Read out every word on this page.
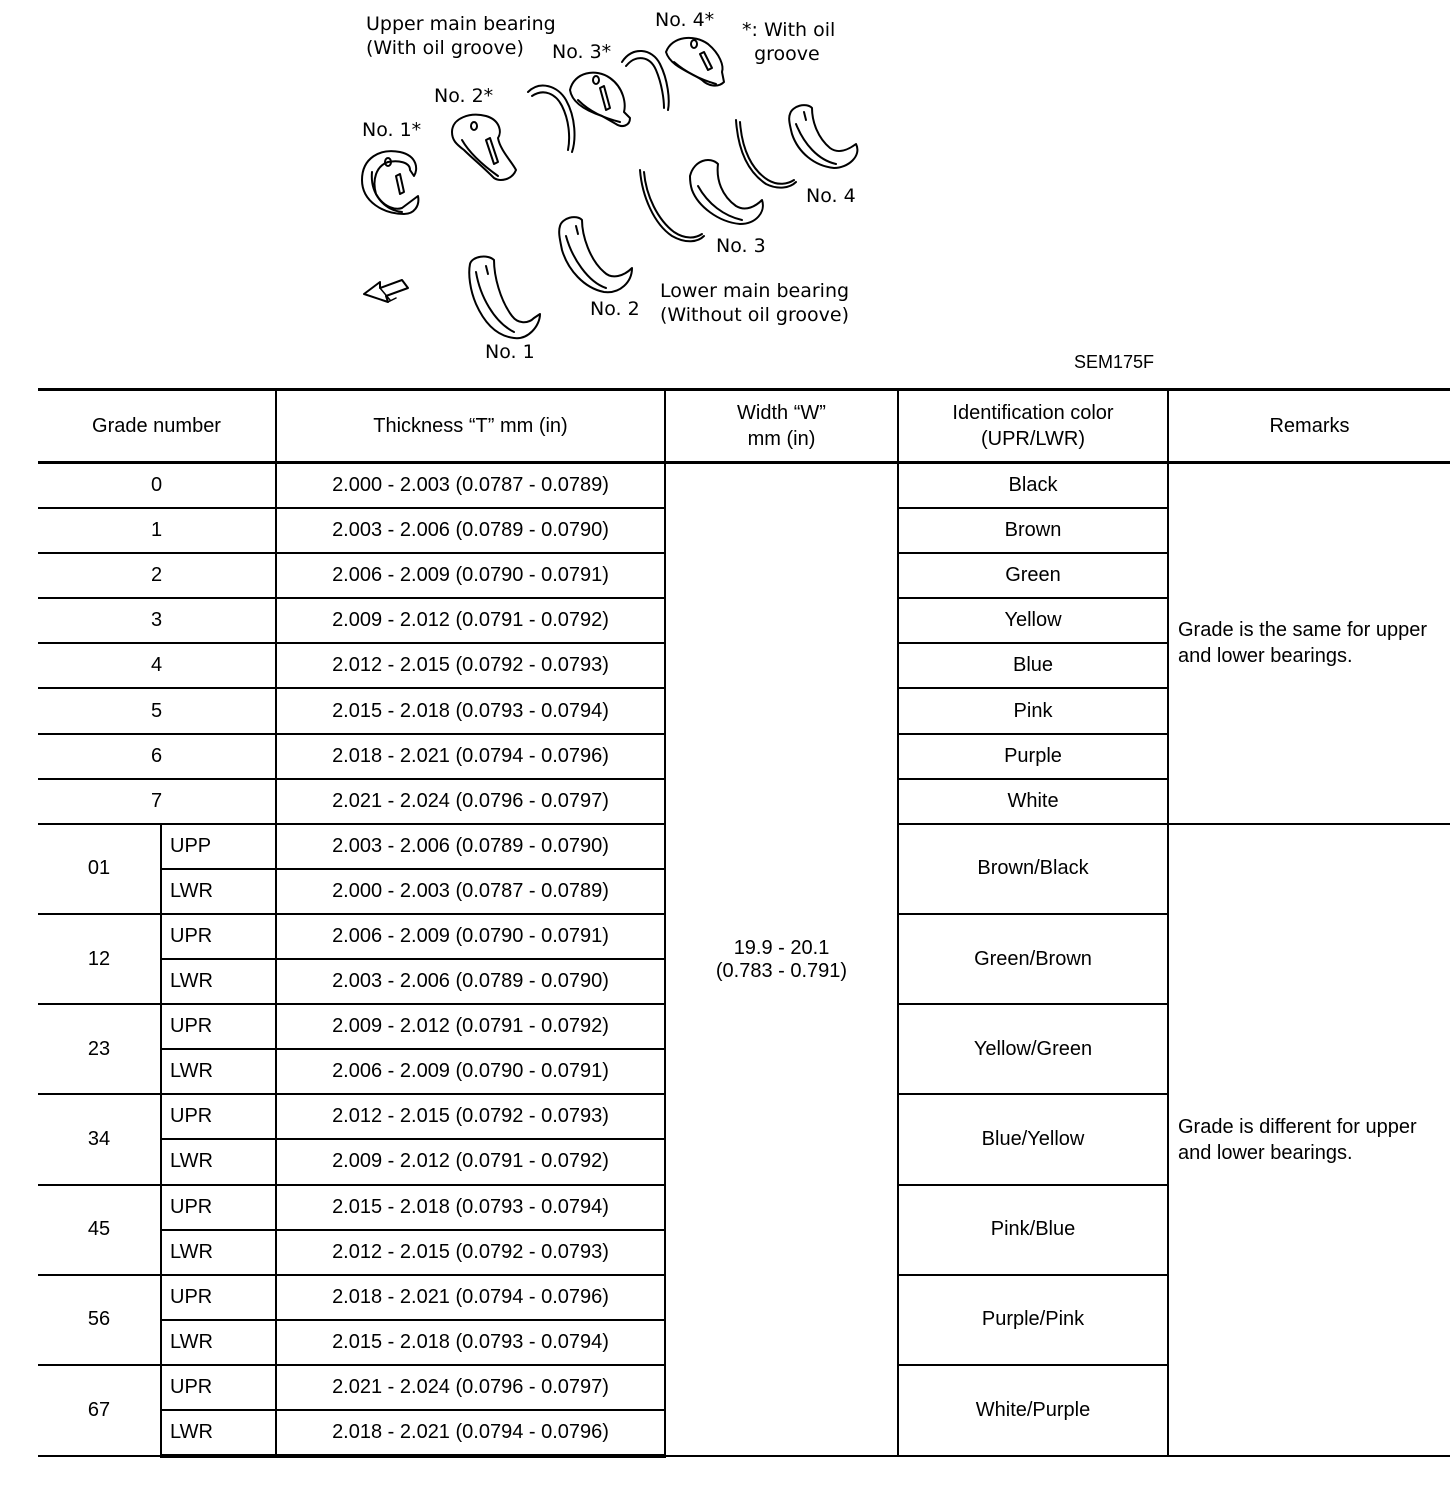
Upper main bearing
(With oil groove)
*: With oil
groove
No. 4*
No. 3*
No. 2*
No. 1*
No. 4
No. 3
Lower main bearing
(Without oil groove)
No. 2
No. 1	SEM175F
Grade number		Thickness “T” mm (in)	Width “W”
mm (in)	Identification color
(UPR/LWR)	Remarks
0		2.000 - 2.003 (0.0787 - 0.0789)	19.9 - 20.1
(0.783 - 0.791)	Black	Grade is the same for upper and lower bearings.
1		2.003 - 2.006 (0.0789 - 0.0790)		Brown	
2		2.006 - 2.009 (0.0790 - 0.0791)		Green	
3		2.009 - 2.012 (0.0791 - 0.0792)		Yellow	
4		2.012 - 2.015 (0.0792 - 0.0793)		Blue	
5		2.015 - 2.018 (0.0793 - 0.0794)		Pink	
6		2.018 - 2.021 (0.0794 - 0.0796)		Purple	
7		2.021 - 2.024 (0.0796 - 0.0797)		White	
01	UPP	2.003 - 2.006 (0.0789 - 0.0790)		Brown/Black	Grade is different for upper and lower bearings.
	LWR	2.000 - 2.003 (0.0787 - 0.0789)			
12	UPR	2.006 - 2.009 (0.0790 - 0.0791)		Green/Brown	
	LWR	2.003 - 2.006 (0.0789 - 0.0790)			
23	UPR	2.009 - 2.012 (0.0791 - 0.0792)		Yellow/Green	
	LWR	2.006 - 2.009 (0.0790 - 0.0791)			
34	UPR	2.012 - 2.015 (0.0792 - 0.0793)		Blue/Yellow	
	LWR	2.009 - 2.012 (0.0791 - 0.0792)			
45	UPR	2.015 - 2.018 (0.0793 - 0.0794)		Pink/Blue	
	LWR	2.012 - 2.015 (0.0792 - 0.0793)			
56	UPR	2.018 - 2.021 (0.0794 - 0.0796)		Purple/Pink	
	LWR	2.015 - 2.018 (0.0793 - 0.0794)			
67	UPR	2.021 - 2.024 (0.0796 - 0.0797)		White/Purple	
	LWR	2.018 - 2.021 (0.0794 - 0.0796)			
